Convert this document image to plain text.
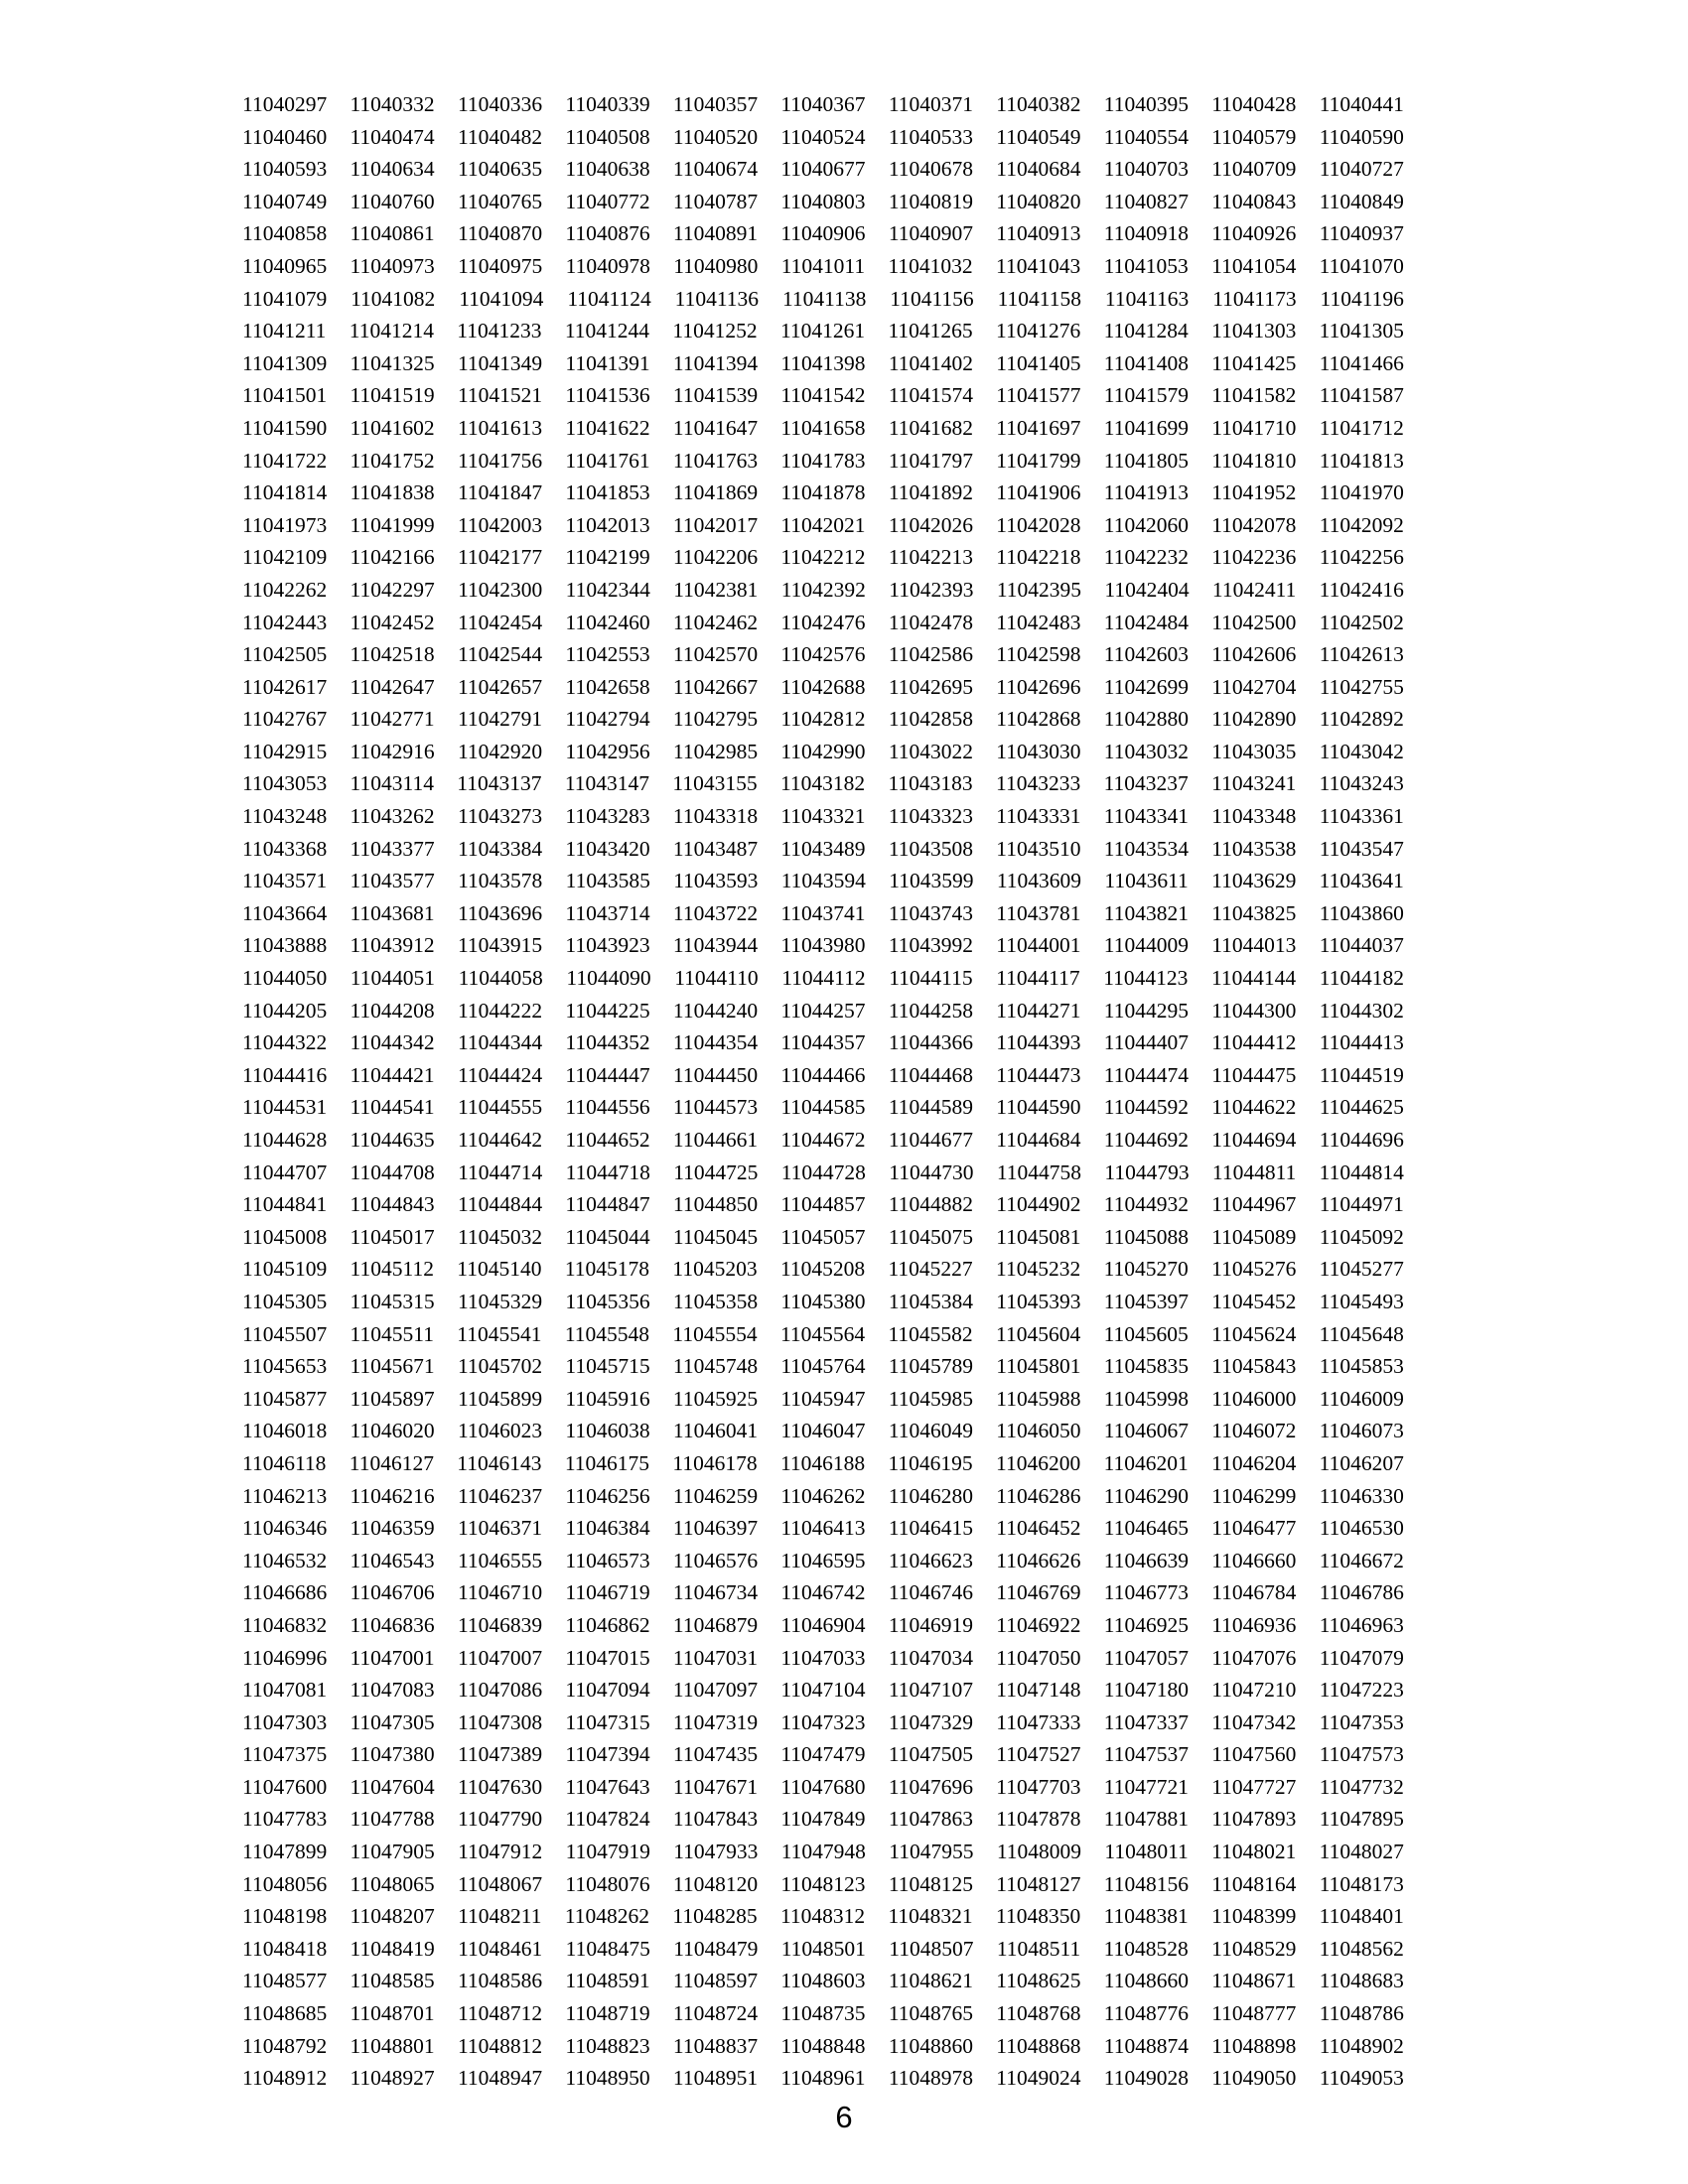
11040297 11040332 11040336 11040339 11040357 11040367 11040371 11040382 11040395 11040428 11040441
11040460 11040474 11040482 11040508 11040520 11040524 11040533 11040549 11040554 11040579 11040590
11040593 11040634 11040635 11040638 11040674 11040677 11040678 11040684 11040703 11040709 11040727
11040749 11040760 11040765 11040772 11040787 11040803 11040819 11040820 11040827 11040843 11040849
11040858 11040861 11040870 11040876 11040891 11040906 11040907 11040913 11040918 11040926 11040937
11040965 11040973 11040975 11040978 11040980 11041011 11041032 11041043 11041053 11041054 11041070
11041079 11041082 11041094 11041124 11041136 11041138 11041156 11041158 11041163 11041173 11041196
11041211 11041214 11041233 11041244 11041252 11041261 11041265 11041276 11041284 11041303 11041305
11041309 11041325 11041349 11041391 11041394 11041398 11041402 11041405 11041408 11041425 11041466
11041501 11041519 11041521 11041536 11041539 11041542 11041574 11041577 11041579 11041582 11041587
11041590 11041602 11041613 11041622 11041647 11041658 11041682 11041697 11041699 11041710 11041712
11041722 11041752 11041756 11041761 11041763 11041783 11041797 11041799 11041805 11041810 11041813
11041814 11041838 11041847 11041853 11041869 11041878 11041892 11041906 11041913 11041952 11041970
11041973 11041999 11042003 11042013 11042017 11042021 11042026 11042028 11042060 11042078 11042092
11042109 11042166 11042177 11042199 11042206 11042212 11042213 11042218 11042232 11042236 11042256
11042262 11042297 11042300 11042344 11042381 11042392 11042393 11042395 11042404 11042411 11042416
11042443 11042452 11042454 11042460 11042462 11042476 11042478 11042483 11042484 11042500 11042502
11042505 11042518 11042544 11042553 11042570 11042576 11042586 11042598 11042603 11042606 11042613
11042617 11042647 11042657 11042658 11042667 11042688 11042695 11042696 11042699 11042704 11042755
11042767 11042771 11042791 11042794 11042795 11042812 11042858 11042868 11042880 11042890 11042892
11042915 11042916 11042920 11042956 11042985 11042990 11043022 11043030 11043032 11043035 11043042
11043053 11043114 11043137 11043147 11043155 11043182 11043183 11043233 11043237 11043241 11043243
11043248 11043262 11043273 11043283 11043318 11043321 11043323 11043331 11043341 11043348 11043361
11043368 11043377 11043384 11043420 11043487 11043489 11043508 11043510 11043534 11043538 11043547
11043571 11043577 11043578 11043585 11043593 11043594 11043599 11043609 11043611 11043629 11043641
11043664 11043681 11043696 11043714 11043722 11043741 11043743 11043781 11043821 11043825 11043860
11043888 11043912 11043915 11043923 11043944 11043980 11043992 11044001 11044009 11044013 11044037
11044050 11044051 11044058 11044090 11044110 11044112 11044115 11044117 11044123 11044144 11044182
11044205 11044208 11044222 11044225 11044240 11044257 11044258 11044271 11044295 11044300 11044302
11044322 11044342 11044344 11044352 11044354 11044357 11044366 11044393 11044407 11044412 11044413
11044416 11044421 11044424 11044447 11044450 11044466 11044468 11044473 11044474 11044475 11044519
11044531 11044541 11044555 11044556 11044573 11044585 11044589 11044590 11044592 11044622 11044625
11044628 11044635 11044642 11044652 11044661 11044672 11044677 11044684 11044692 11044694 11044696
11044707 11044708 11044714 11044718 11044725 11044728 11044730 11044758 11044793 11044811 11044814
11044841 11044843 11044844 11044847 11044850 11044857 11044882 11044902 11044932 11044967 11044971
11045008 11045017 11045032 11045044 11045045 11045057 11045075 11045081 11045088 11045089 11045092
11045109 11045112 11045140 11045178 11045203 11045208 11045227 11045232 11045270 11045276 11045277
11045305 11045315 11045329 11045356 11045358 11045380 11045384 11045393 11045397 11045452 11045493
11045507 11045511 11045541 11045548 11045554 11045564 11045582 11045604 11045605 11045624 11045648
11045653 11045671 11045702 11045715 11045748 11045764 11045789 11045801 11045835 11045843 11045853
11045877 11045897 11045899 11045916 11045925 11045947 11045985 11045988 11045998 11046000 11046009
11046018 11046020 11046023 11046038 11046041 11046047 11046049 11046050 11046067 11046072 11046073
11046118 11046127 11046143 11046175 11046178 11046188 11046195 11046200 11046201 11046204 11046207
11046213 11046216 11046237 11046256 11046259 11046262 11046280 11046286 11046290 11046299 11046330
11046346 11046359 11046371 11046384 11046397 11046413 11046415 11046452 11046465 11046477 11046530
11046532 11046543 11046555 11046573 11046576 11046595 11046623 11046626 11046639 11046660 11046672
11046686 11046706 11046710 11046719 11046734 11046742 11046746 11046769 11046773 11046784 11046786
11046832 11046836 11046839 11046862 11046879 11046904 11046919 11046922 11046925 11046936 11046963
11046996 11047001 11047007 11047015 11047031 11047033 11047034 11047050 11047057 11047076 11047079
11047081 11047083 11047086 11047094 11047097 11047104 11047107 11047148 11047180 11047210 11047223
11047303 11047305 11047308 11047315 11047319 11047323 11047329 11047333 11047337 11047342 11047353
11047375 11047380 11047389 11047394 11047435 11047479 11047505 11047527 11047537 11047560 11047573
11047600 11047604 11047630 11047643 11047671 11047680 11047696 11047703 11047721 11047727 11047732
11047783 11047788 11047790 11047824 11047843 11047849 11047863 11047878 11047881 11047893 11047895
11047899 11047905 11047912 11047919 11047933 11047948 11047955 11048009 11048011 11048021 11048027
11048056 11048065 11048067 11048076 11048120 11048123 11048125 11048127 11048156 11048164 11048173
11048198 11048207 11048211 11048262 11048285 11048312 11048321 11048350 11048381 11048399 11048401
11048418 11048419 11048461 11048475 11048479 11048501 11048507 11048511 11048528 11048529 11048562
11048577 11048585 11048586 11048591 11048597 11048603 11048621 11048625 11048660 11048671 11048683
11048685 11048701 11048712 11048719 11048724 11048735 11048765 11048768 11048776 11048777 11048786
11048792 11048801 11048812 11048823 11048837 11048848 11048860 11048868 11048874 11048898 11048902
11048912 11048927 11048947 11048950 11048951 11048961 11048978 11049024 11049028 11049050 11049053
6
